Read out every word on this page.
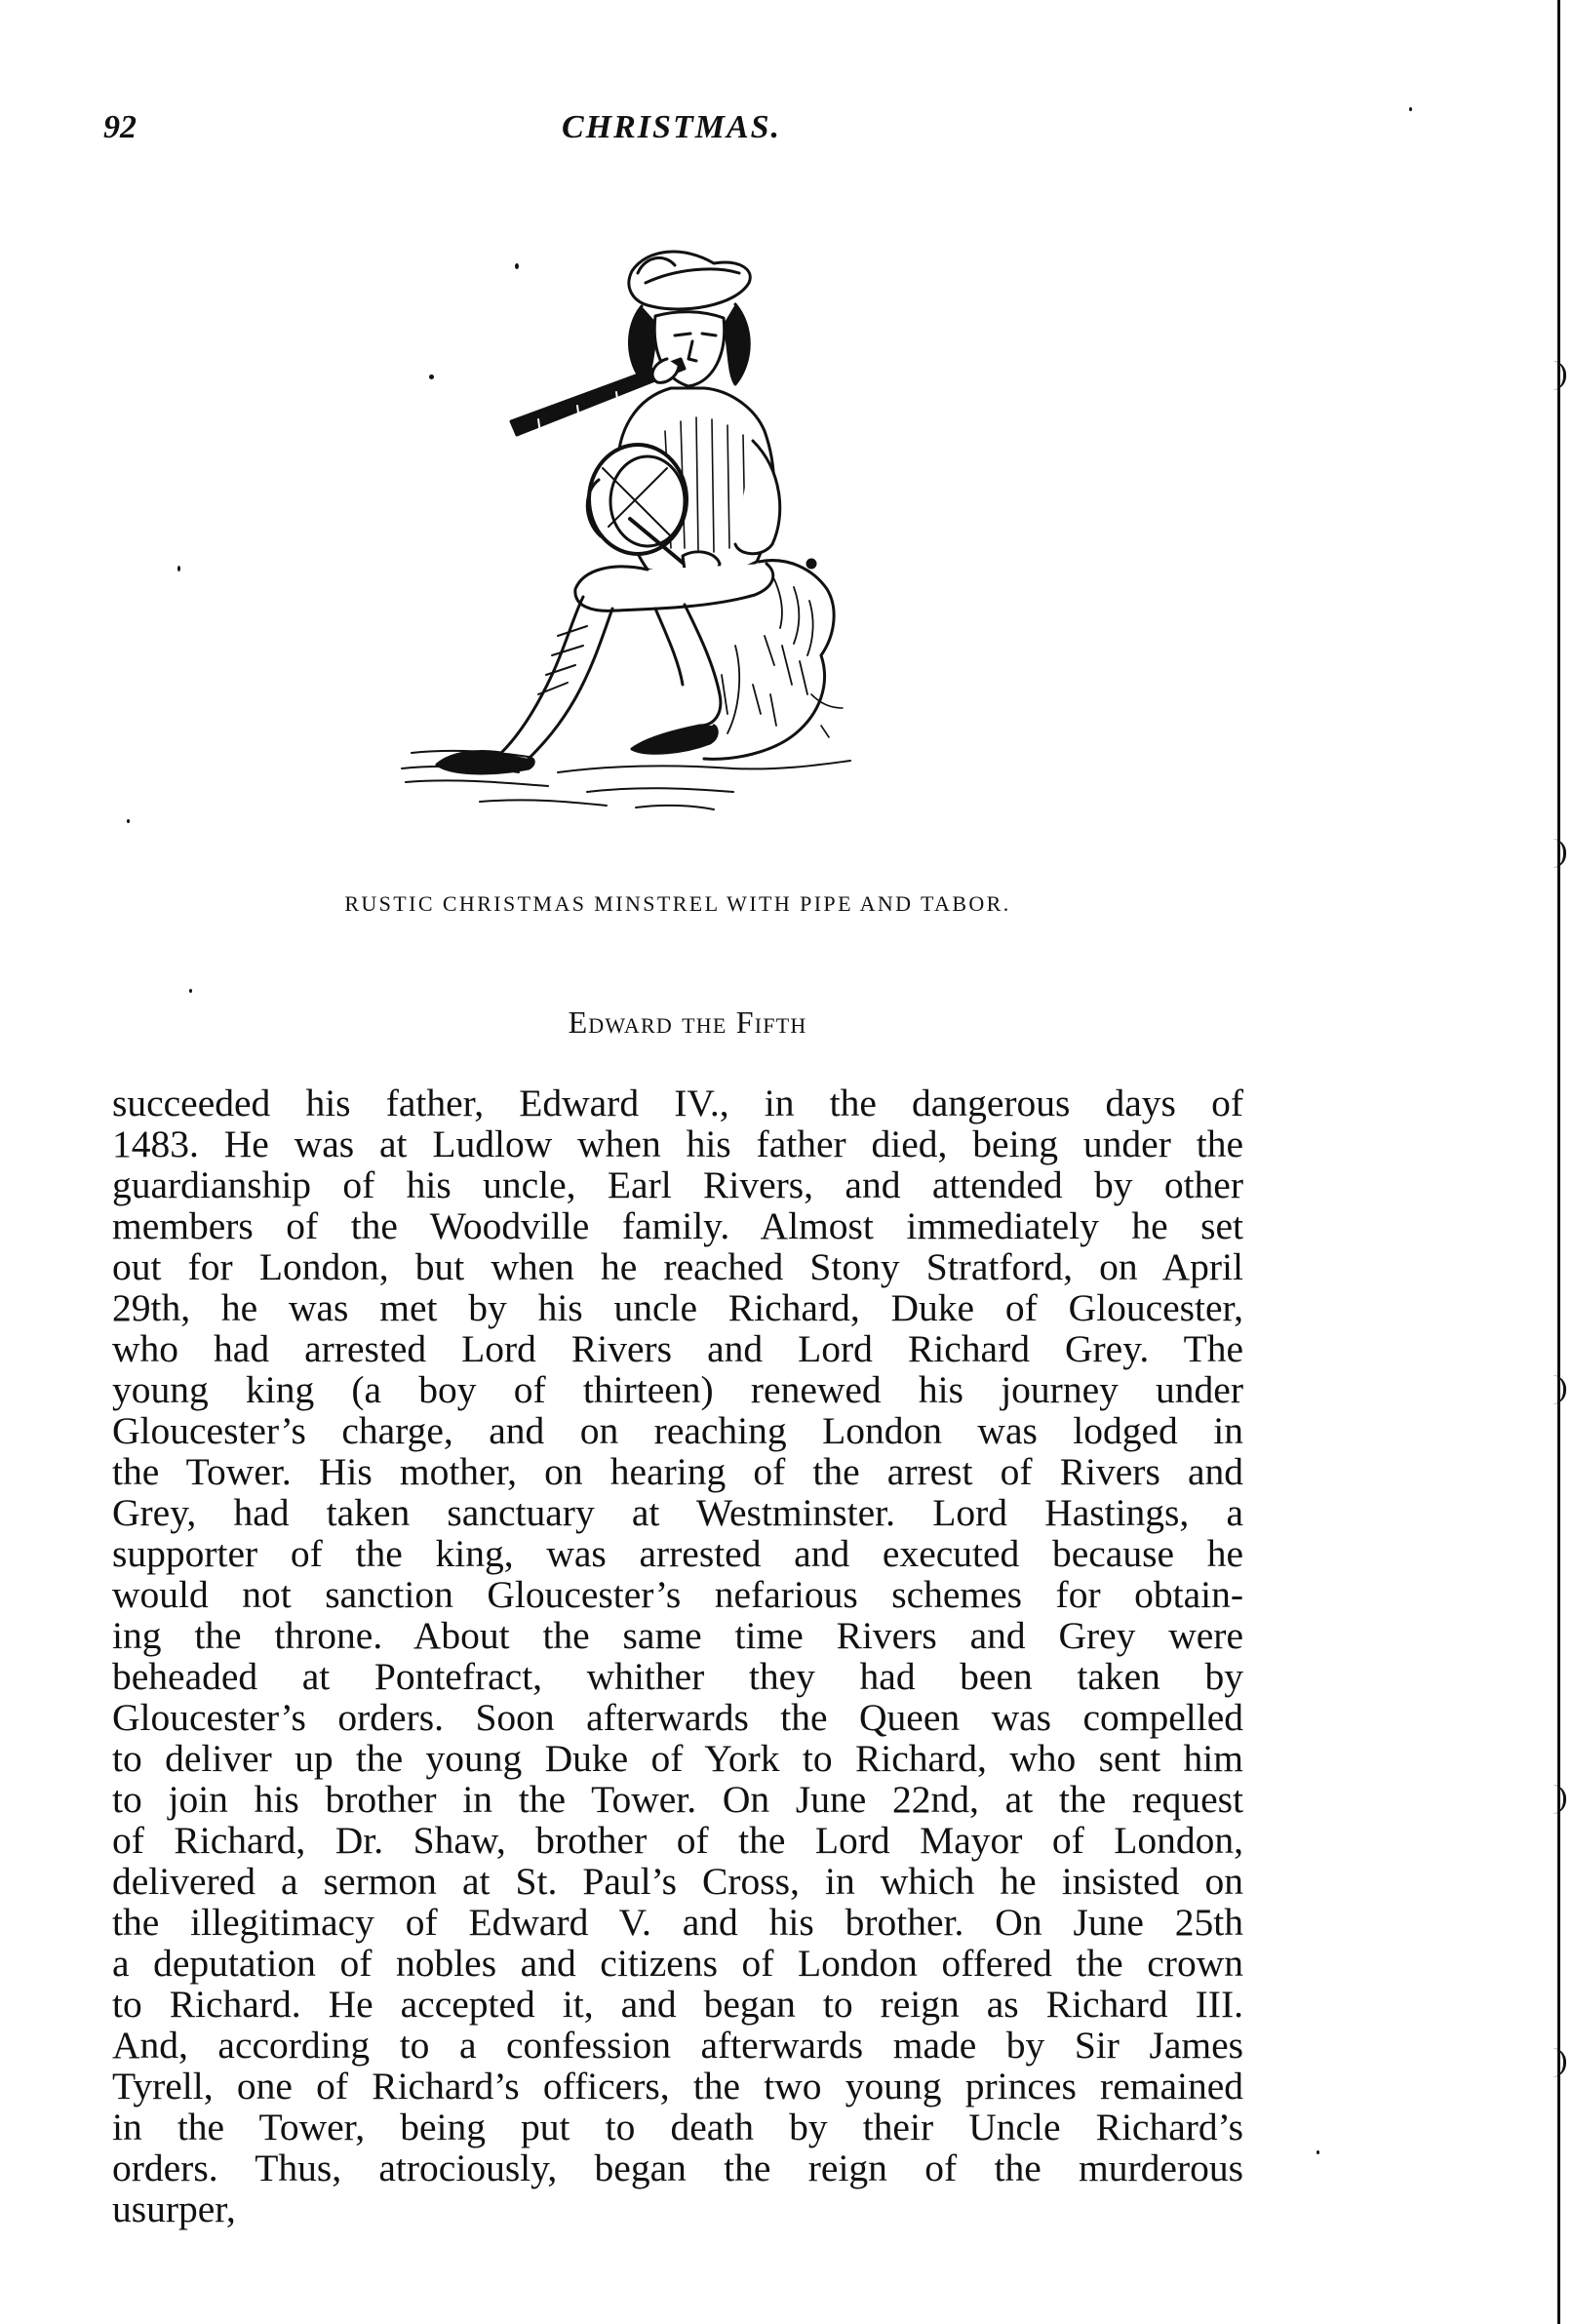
92	CHRISTMAS.
RUSTIC CHRISTMAS MINSTREL WITH PIPE AND TABOR.
Edward the Fifth
succeeded his father, Edward IV., in the dangerous days of
1483. He was at Ludlow when his father died, being under the
guardianship of his uncle, Earl Rivers, and attended by other
members of the Woodville family. Almost immediately he set
out for London, but when he reached Stony Stratford, on April
29th, he was met by his uncle Richard, Duke of Gloucester,
who had arrested Lord Rivers and Lord Richard Grey. The
young king (a boy of thirteen) renewed his journey under
Gloucester’s charge, and on reaching London was lodged in
the Tower. His mother, on hearing of the arrest of Rivers and
Grey, had taken sanctuary at Westminster. Lord Hastings, a
supporter of the king, was arrested and executed because he
would not sanction Gloucester’s nefarious schemes for obtain-
ing the throne. About the same time Rivers and Grey were
beheaded at Pontefract, whither they had been taken by
Gloucester’s orders. Soon afterwards the Queen was compelled
to deliver up the young Duke of York to Richard, who sent him
to join his brother in the Tower. On June 22nd, at the request
of Richard, Dr. Shaw, brother of the Lord Mayor of London,
delivered a sermon at St. Paul’s Cross, in which he insisted on
the illegitimacy of Edward V. and his brother. On June 25th
a deputation of nobles and citizens of London offered the crown
to Richard. He accepted it, and began to reign as Richard III.
And, according to a confession afterwards made by Sir James
Tyrell, one of Richard’s officers, the two young princes remained
in the Tower, being put to death by their Uncle Richard’s
orders. Thus, atrociously, began the reign of the murderous
usurper,
